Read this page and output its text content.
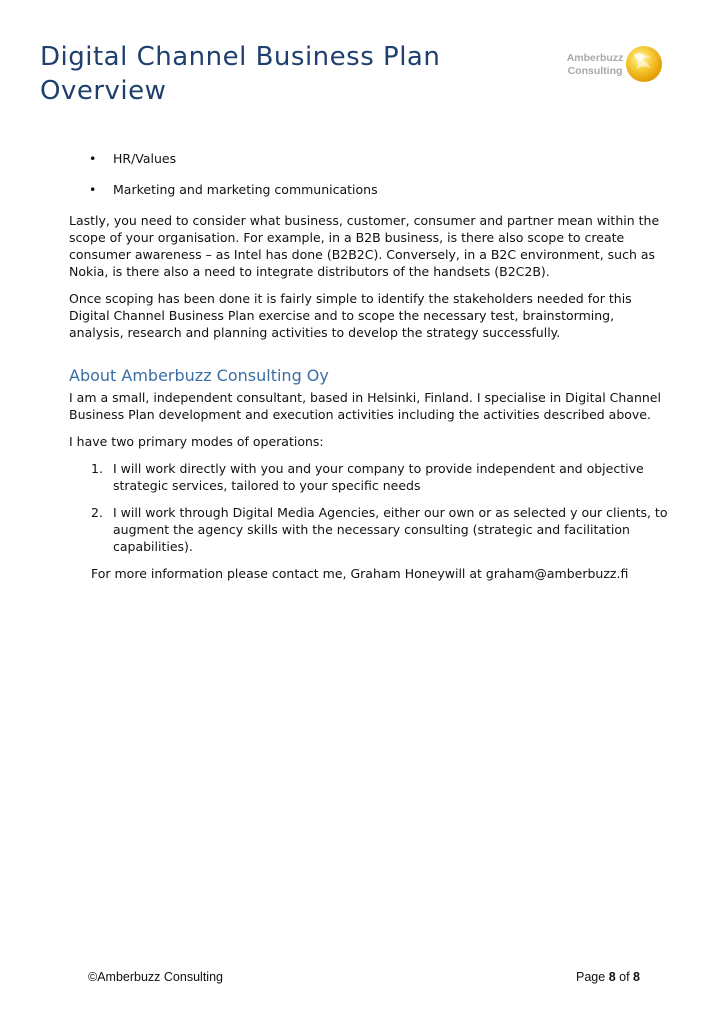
Digital Channel Business Plan Overview
Amberbuzz
Consulting
• HR/Values
• Marketing and marketing communications

Lastly, you need to consider what business, customer, consumer and partner mean within the scope of your organisation. For example, in a B2B business, is there also scope to create consumer awareness – as Intel has done (B2B2C). Conversely, in a B2C environment, such as Nokia, is there also a need to integrate distributors of the handsets (B2C2B).

Once scoping has been done it is fairly simple to identify the stakeholders needed for this Digital Channel Business Plan exercise and to scope the necessary test, brainstorming, analysis, research and planning activities to develop the strategy successfully.

About Amberbuzz Consulting Oy

I am a small, independent consultant, based in Helsinki, Finland. I specialise in Digital Channel Business Plan development and execution activities including the activities described above.

I have two primary modes of operations:

1. I will work directly with you and your company to provide independent and objective strategic services, tailored to your specific needs
2. I will work through Digital Media Agencies, either our own or as selected y our clients, to augment the agency skills with the necessary consulting (strategic and facilitation capabilities).

For more information please contact me, Graham Honeywill at graham@amberbuzz.fi

©Amberbuzz Consulting	Page 8 of 8
